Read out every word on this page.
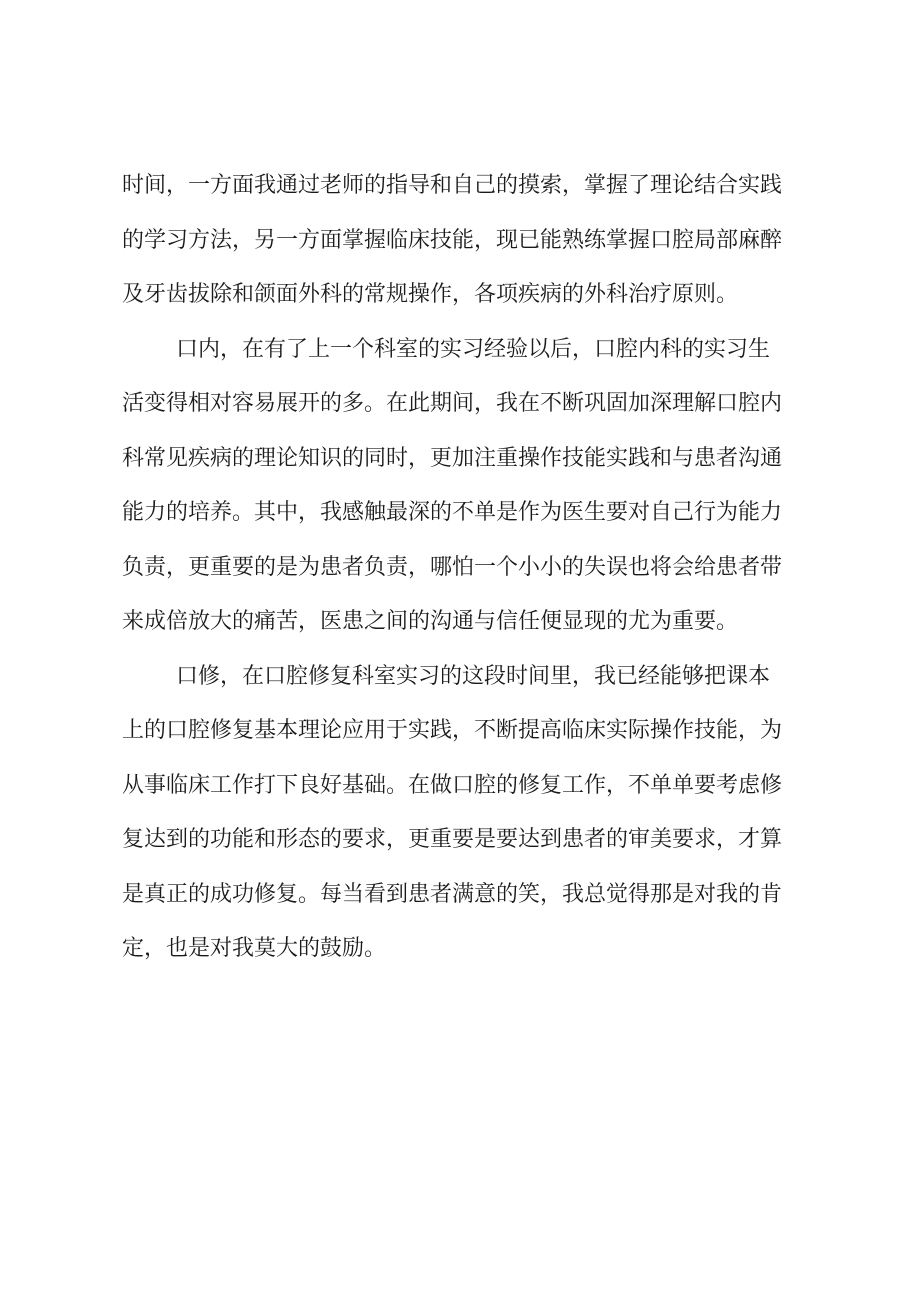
时间，一方面我通过老师的指导和自己的摸索，掌握了理论结合实践
的学习方法，另一方面掌握临床技能，现已能熟练掌握口腔局部麻醉
及牙齿拔除和颌面外科的常规操作，各项疾病的外科治疗原则。
口内，在有了上一个科室的实习经验以后，口腔内科的实习生
活变得相对容易展开的多。在此期间，我在不断巩固加深理解口腔内
科常见疾病的理论知识的同时，更加注重操作技能实践和与患者沟通
能力的培养。其中，我感触最深的不单是作为医生要对自己行为能力
负责，更重要的是为患者负责，哪怕一个小小的失误也将会给患者带
来成倍放大的痛苦，医患之间的沟通与信任便显现的尤为重要。
口修，在口腔修复科室实习的这段时间里，我已经能够把课本
上的口腔修复基本理论应用于实践，不断提高临床实际操作技能，为
从事临床工作打下良好基础。在做口腔的修复工作，不单单要考虑修
复达到的功能和形态的要求，更重要是要达到患者的审美要求，才算
是真正的成功修复。每当看到患者满意的笑，我总觉得那是对我的肯
定，也是对我莫大的鼓励。
